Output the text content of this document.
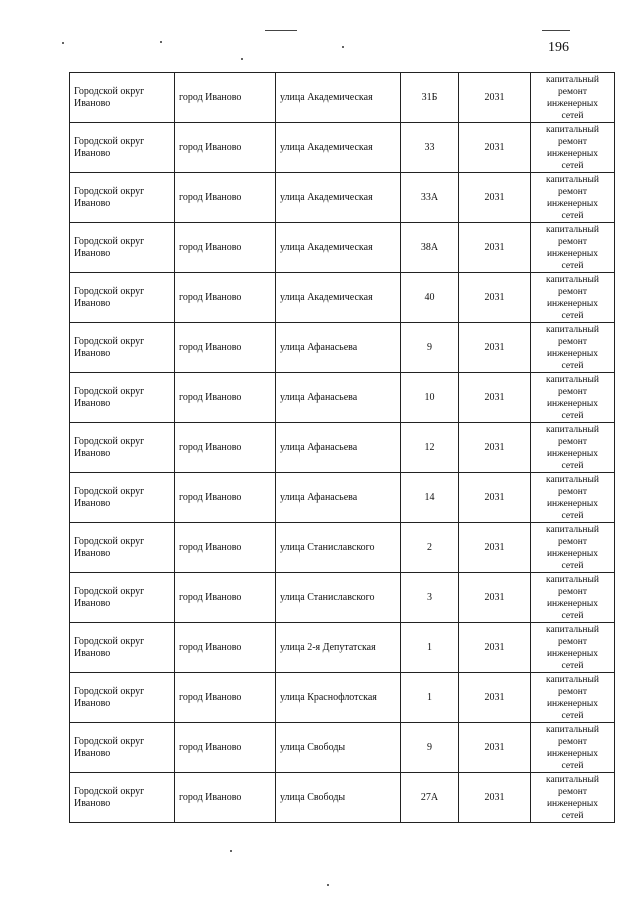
196
Городской округ Иваново	город Иваново	улица Академическая	31Б	2031	капитальный ремонт инженерных сетей
Городской округ Иваново	город Иваново	улица Академическая	33	2031	капитальный ремонт инженерных сетей
Городской округ Иваново	город Иваново	улица Академическая	33А	2031	капитальный ремонт инженерных сетей
Городской округ Иваново	город Иваново	улица Академическая	38А	2031	капитальный ремонт инженерных сетей
Городской округ Иваново	город Иваново	улица Академическая	40	2031	капитальный ремонт инженерных сетей
Городской округ Иваново	город Иваново	улица Афанасьева	9	2031	капитальный ремонт инженерных сетей
Городской округ Иваново	город Иваново	улица Афанасьева	10	2031	капитальный ремонт инженерных сетей
Городской округ Иваново	город Иваново	улица Афанасьева	12	2031	капитальный ремонт инженерных сетей
Городской округ Иваново	город Иваново	улица Афанасьева	14	2031	капитальный ремонт инженерных сетей
Городской округ Иваново	город Иваново	улица Станиславского	2	2031	капитальный ремонт инженерных сетей
Городской округ Иваново	город Иваново	улица Станиславского	3	2031	капитальный ремонт инженерных сетей
Городской округ Иваново	город Иваново	улица 2-я Депутатская	1	2031	капитальный ремонт инженерных сетей
Городской округ Иваново	город Иваново	улица Краснофлотская	1	2031	капитальный ремонт инженерных сетей
Городской округ Иваново	город Иваново	улица Свободы	9	2031	капитальный ремонт инженерных сетей
Городской округ Иваново	город Иваново	улица Свободы	27А	2031	капитальный ремонт инженерных сетей
